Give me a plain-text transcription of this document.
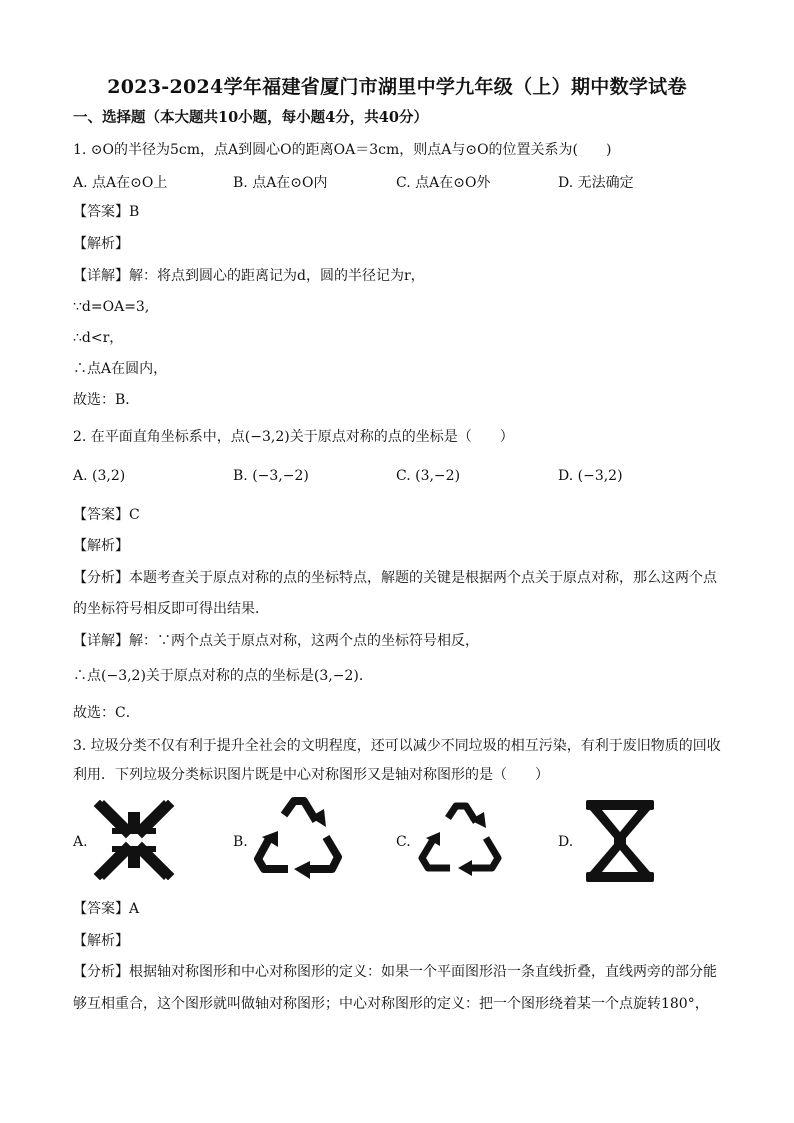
2023-2024学年福建省厦门市湖里中学九年级（上）期中数学试卷
一、选择题（本大题共10小题，每小题4分，共40分）
1. ⊙O的半径为5cm，点A到圆心O的距离OA＝3cm，则点A与⊙O的位置关系为(　　)
A. 点A在⊙O上	B. 点A在⊙O内	C. 点A在⊙O外	D. 无法确定
【答案】B
【解析】
【详解】解：将点到圆心的距离记为d，圆的半径记为r，
∵d=OA=3,
∴d<r，
∴点A在圆内，
故选：B．
2. 在平面直角坐标系中，点(−3,2)关于原点对称的点的坐标是（　　）
A. (3,2)	B. (−3,−2)	C. (3,−2)	D. (−3,2)
【答案】C
【解析】
【分析】本题考查关于原点对称的点的坐标特点，解题的关键是根据两个点关于原点对称，那么这两个点
的坐标符号相反即可得出结果．
【详解】解：∵两个点关于原点对称，这两个点的坐标符号相反，
∴点(−3,2)关于原点对称的点的坐标是(3,−2)．
故选：C．
3. 垃圾分类不仅有利于提升全社会的文明程度，还可以减少不同垃圾的相互污染，有利于废旧物质的回收
利用．下列垃圾分类标识图片既是中心对称图形又是轴对称图形的是（　　）
A.	B.	C.	D.
【答案】A
【解析】
【分析】根据轴对称图形和中心对称图形的定义：如果一个平面图形沿一条直线折叠，直线两旁的部分能
够互相重合，这个图形就叫做轴对称图形；中心对称图形的定义：把一个图形绕着某一个点旋转180°，
